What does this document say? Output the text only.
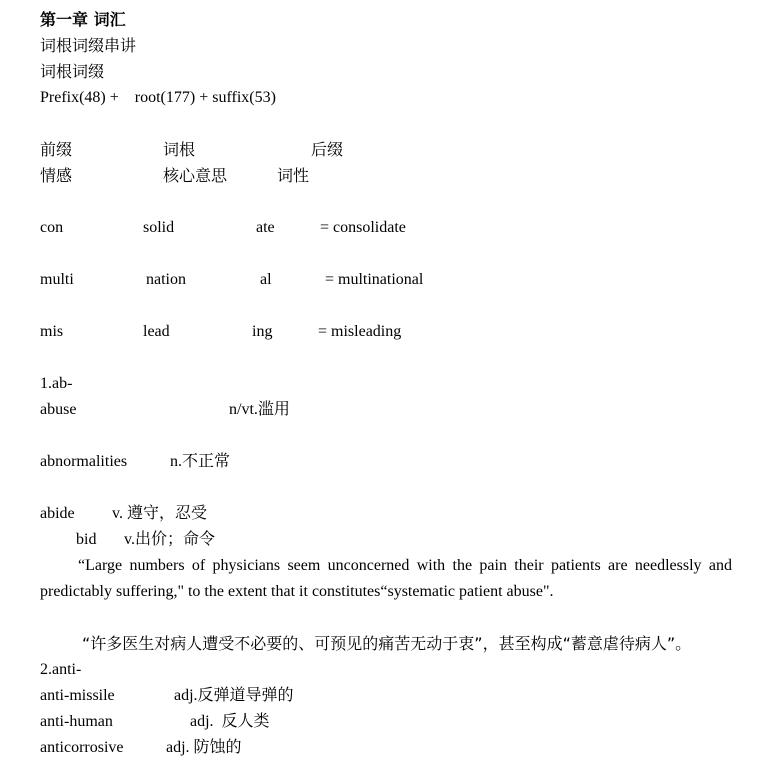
第一章 词汇
词根词缀串讲
词根词缀
Prefix(48) +    root(177) + suffix(53)
前缀	词根	后缀
情感	核心意思	词性
con	solid	ate	= consolidate
multi	nation	al	= multinational
mis	lead	ing	= misleading
1.ab-
abuse	n/vt.滥用
abnormalities	n.不正常
abide v. 遵守，忍受
bid v.出价；命令
“Large numbers of physicians seem unconcerned with the pain their patients are needlessly and predictably suffering," to the extent that it constitutes“systematic patient abuse".
“许多医生对病人遭受不必要的、可预见的痛苦无动于衷”，甚至构成“蓄意虐待病人”。
2.anti-
anti-missile	adj.反弹道导弹的
anti-human	adj.  反人类
anticorrosive	adj. 防蚀的
